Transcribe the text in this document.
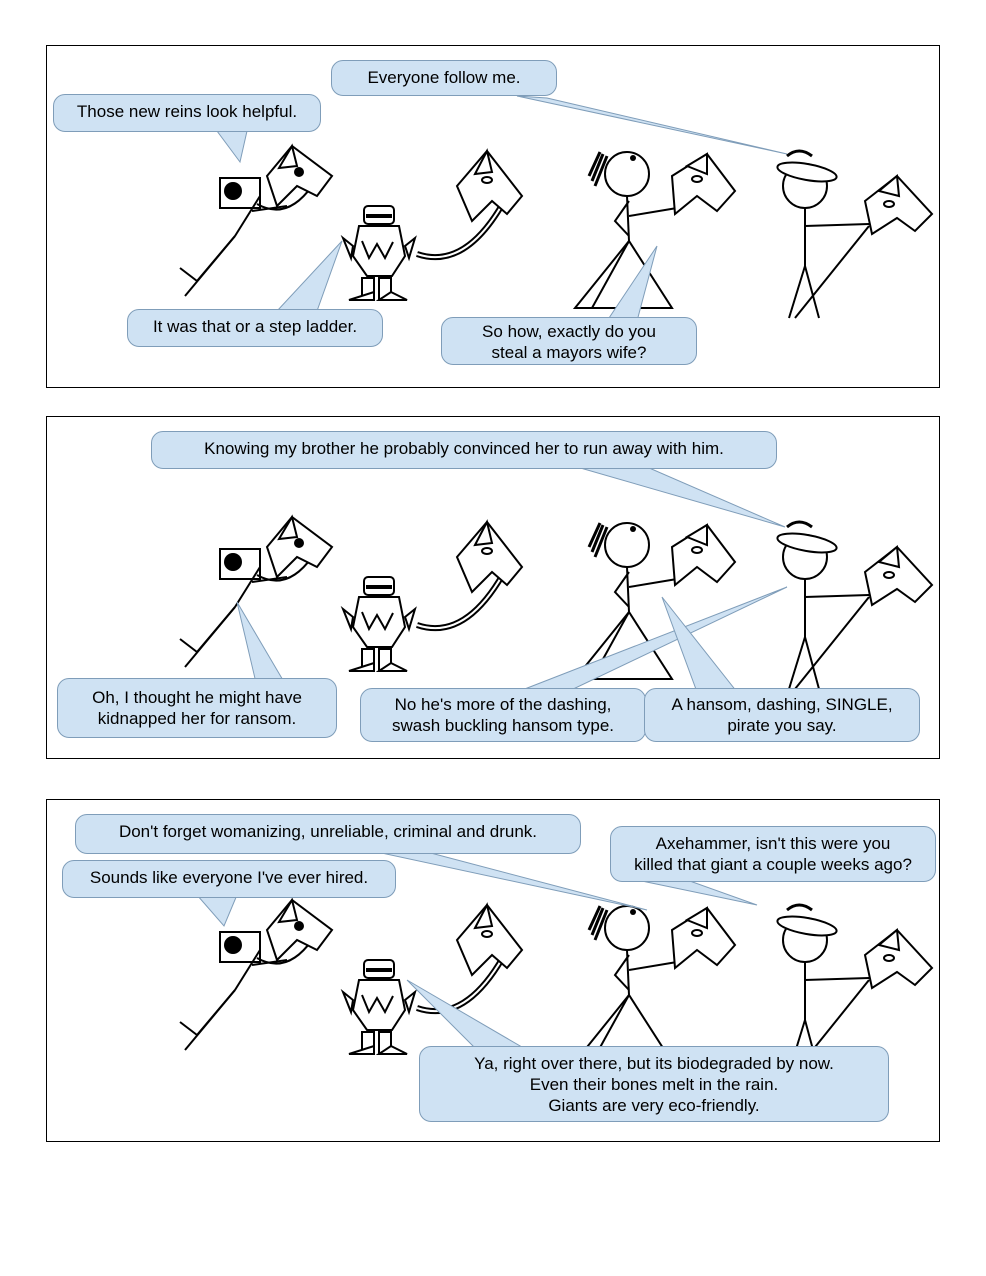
Everyone follow me.
Those new reins look helpful.
It was that or a step ladder.	So how, exactly do you
steal a mayors wife?
Knowing my brother he probably convinced her to run away with him.
Oh, I thought he might have
kidnapped her for ransom.
No he's more of the dashing,
swash buckling hansom type.
A hansom, dashing, SINGLE,
pirate you say.
Don't forget womanizing, unreliable, criminal and drunk.
Sounds like everyone I've ever hired.
Axehammer, isn't this were you
killed that giant a couple weeks ago?
Ya, right over there, but its biodegraded by now.
Even their bones melt in the rain.
Giants are very eco-friendly.
